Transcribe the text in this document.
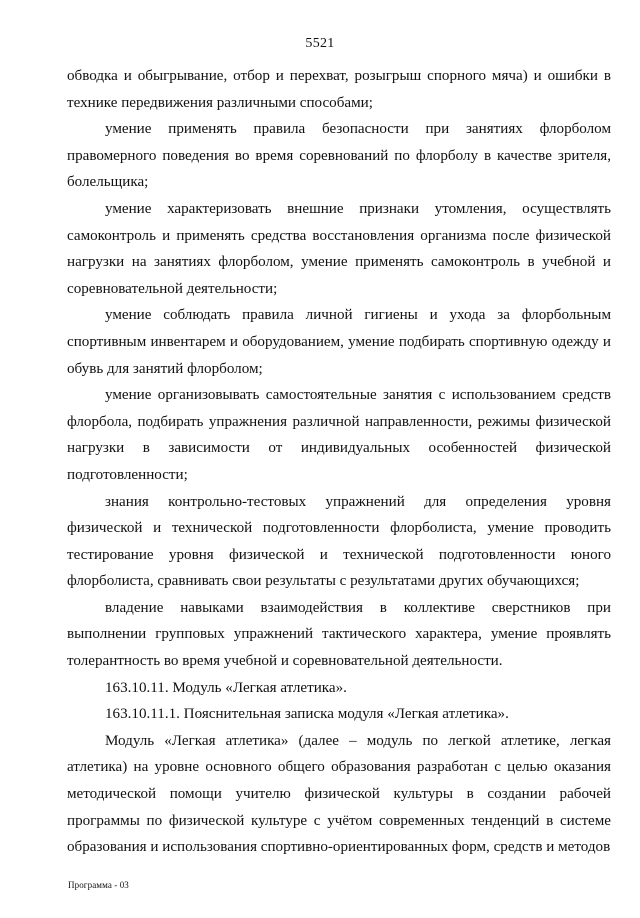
5521

обводка и обыгрывание, отбор и перехват, розыгрыш спорного мяча) и ошибки в технике передвижения различными способами;

умение применять правила безопасности при занятиях флорболом правомерного поведения во время соревнований по флорболу в качестве зрителя, болельщика;

умение характеризовать внешние признаки утомления, осуществлять самоконтроль и применять средства восстановления организма после физической нагрузки на занятиях флорболом, умение применять самоконтроль в учебной и соревновательной деятельности;

умение соблюдать правила личной гигиены и ухода за флорбольным спортивным инвентарем и оборудованием, умение подбирать спортивную одежду и обувь для занятий флорболом;

умение организовывать самостоятельные занятия с использованием средств флорбола, подбирать упражнения различной направленности, режимы физической нагрузки в зависимости от индивидуальных особенностей физической подготовленности;

знания контрольно-тестовых упражнений для определения уровня физической и технической подготовленности флорболиста, умение проводить тестирование уровня физической и технической подготовленности юного флорболиста, сравнивать свои результаты с результатами других обучающихся;

владение навыками взаимодействия в коллективе сверстников при выполнении групповых упражнений тактического характера, умение проявлять толерантность во время учебной и соревновательной деятельности.

163.10.11. Модуль «Легкая атлетика».

163.10.11.1. Пояснительная записка модуля «Легкая атлетика».

Модуль «Легкая атлетика» (далее – модуль по легкой атлетике, легкая атлетика) на уровне основного общего образования разработан с целью оказания методической помощи учителю физической культуры в создании рабочей программы по физической культуре с учётом современных тенденций в системе образования и использования спортивно-ориентированных форм, средств и методов

Программа - 03
